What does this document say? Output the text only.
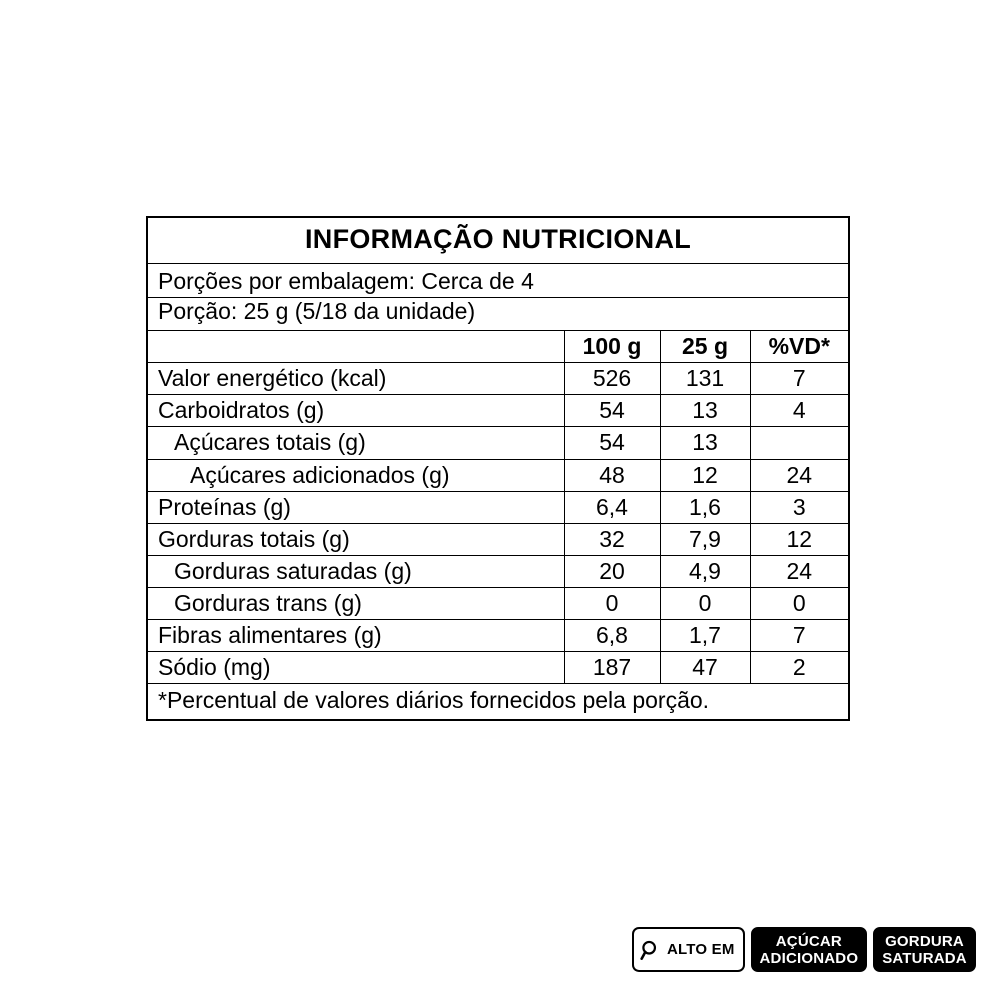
INFORMAÇÃO NUTRICIONAL			
Porções por embalagem: Cerca de 4			
Porção: 25 g (5/18 da unidade)			
	100 g	25 g	%VD*
Valor energético (kcal)	526	131	7
Carboidratos (g)	54	13	4
Açúcares totais (g)	54	13	
Açúcares adicionados (g)	48	12	24
Proteínas (g)	6,4	1,6	3
Gorduras totais (g)	32	7,9	12
Gorduras saturadas (g)	20	4,9	24
Gorduras trans (g)	0	0	0
Fibras alimentares (g)	6,8	1,7	7
Sódio (mg)	187	47	2
*Percentual de valores diários fornecidos pela porção.			
ALTO EM	AÇÚCAR
ADICIONADO
GORDURA
SATURADA
